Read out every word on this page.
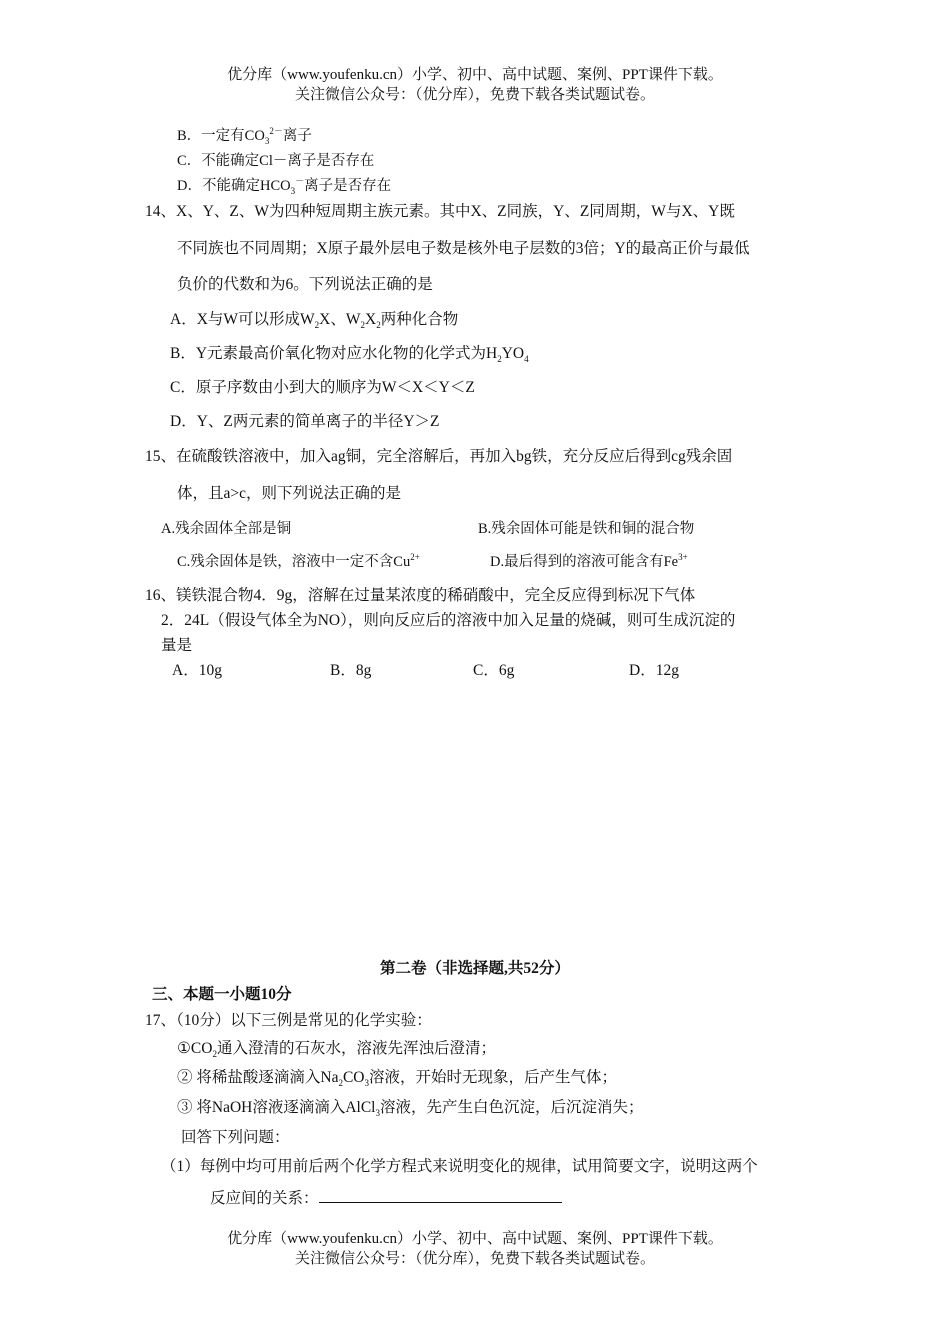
优分库（www.youfenku.cn）小学、初中、高中试题、案例、PPT课件下载。
关注微信公众号：（优分库），免费下载各类试题试卷。
B．一定有$CO_3^{2-}$离子
C．不能确定Cl－离子是否存在
D．不能确定$HCO_3^-$离子是否存在
14、X、Y、Z、W为四种短周期主族元素。其中X、Z同族，Y、Z同周期，W与X、Y既
不同族也不同周期；X原子最外层电子数是核外电子层数的3倍；Y的最高正价与最低
负价的代数和为6。下列说法正确的是
A．X与W可以形成$W_2X$、$W_2X_2$两种化合物
B．Y元素最高价氧化物对应水化物的化学式为$H_2YO_4$
C．原子序数由小到大的顺序为W＜X＜Y＜Z
D．Y、Z两元素的简单离子的半径Y＞Z
15、在硫酸铁溶液中，加入ag铜，完全溶解后，再加入bg铁，充分反应后得到cg残余固
体，且a>c，则下列说法正确的是
A.残余固体全部是铜	B.残余固体可能是铁和铜的混合物
C.残余固体是铁，溶液中一定不含$Cu^{2+}$	D.最后得到的溶液可能含有$Fe^{3+}$
16、镁铁混合物4．9g，溶解在过量某浓度的稀硝酸中，完全反应得到标况下气体
2．24L（假设气体全为NO），则向反应后的溶液中加入足量的烧碱，则可生成沉淀的
量是
A．10g	B．8g	C．6g	D．12g
第二卷（非选择题,共52分）
三、本题一小题10分
17、（10分）以下三例是常见的化学实验：
$①CO_2$通入澄清的石灰水，溶液先浑浊后澄清；
② 将稀盐酸逐滴滴入$Na_2CO_3$溶液，开始时无现象，后产生气体；
③ 将NaOH溶液逐滴滴入AlCl$_3$溶液，先产生白色沉淀，后沉淀消失；
回答下列问题：
（1）每例中均可用前后两个化学方程式来说明变化的规律，试用简要文字，说明这两个
反应间的关系：
优分库（www.youfenku.cn）小学、初中、高中试题、案例、PPT课件下载。
关注微信公众号：（优分库），免费下载各类试题试卷。
